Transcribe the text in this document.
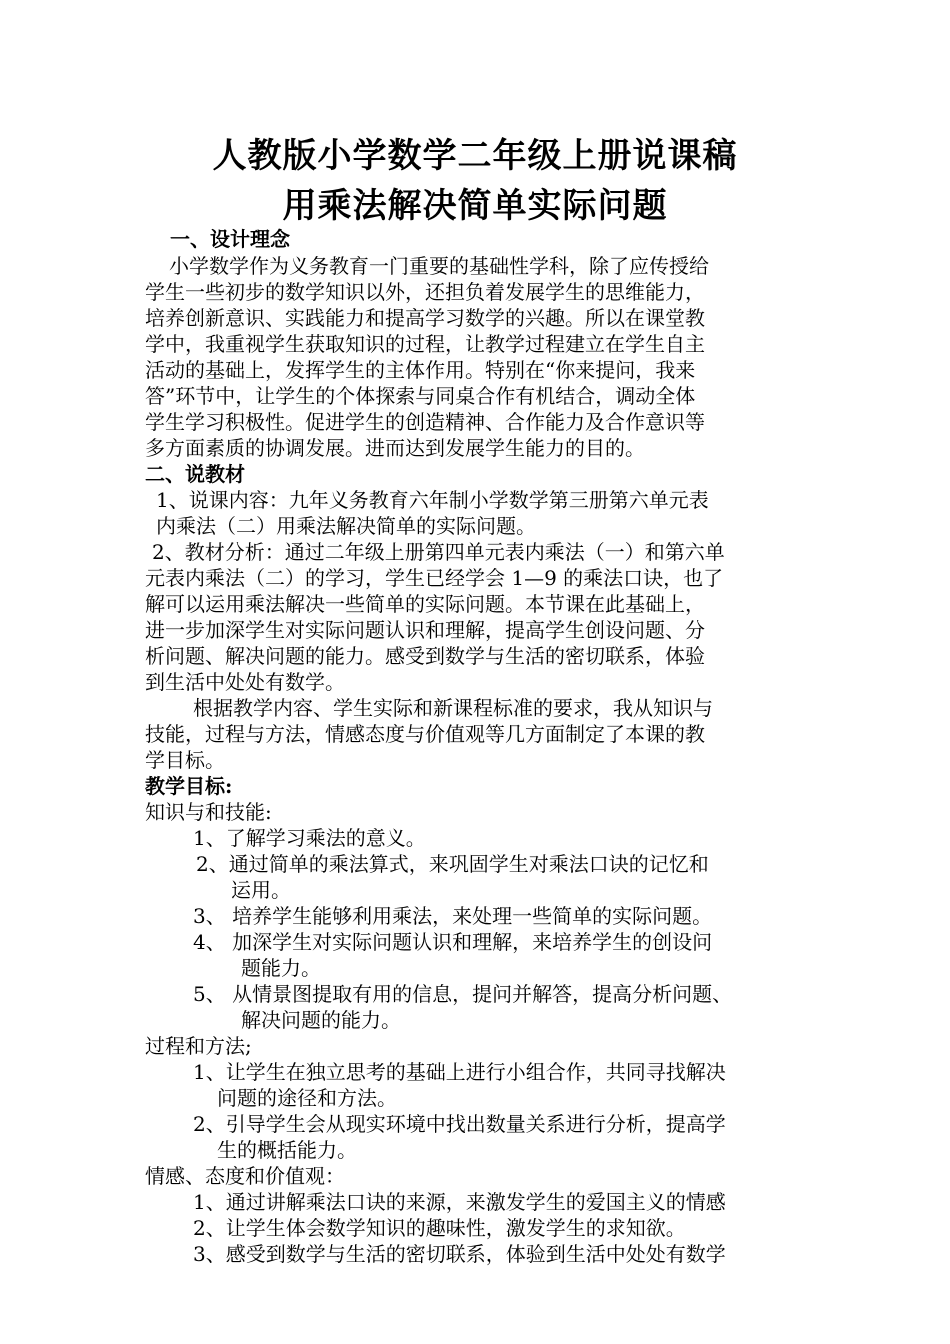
人教版小学数学二年级上册说课稿
用乘法解决简单实际问题
一、设计理念
小学数学作为义务教育一门重要的基础性学科，除了应传授给
学生一些初步的数学知识以外，还担负着发展学生的思维能力，
培养创新意识、实践能力和提高学习数学的兴趣。所以在课堂教
学中，我重视学生获取知识的过程，让教学过程建立在学生自主
活动的基础上，发挥学生的主体作用。特别在“你来提问，我来
答”环节中，让学生的个体探索与同桌合作有机结合，调动全体
学生学习积极性。促进学生的创造精神、合作能力及合作意识等
多方面素质的协调发展。进而达到发展学生能力的目的。
二、说教材
1、说课内容：九年义务教育六年制小学数学第三册第六单元表
内乘法（二）用乘法解决简单的实际问题。
2、教材分析：通过二年级上册第四单元表内乘法（一）和第六单
元表内乘法（二）的学习，学生已经学会 1—9 的乘法口诀，也了
解可以运用乘法解决一些简单的实际问题。本节课在此基础上，
进一步加深学生对实际问题认识和理解，提高学生创设问题、分
析问题、解决问题的能力。感受到数学与生活的密切联系，体验
到生活中处处有数学。
根据教学内容、学生实际和新课程标准的要求，我从知识与
技能，过程与方法，情感态度与价值观等几方面制定了本课的教
学目标。
教学目标:
知识与和技能:
1、了解学习乘法的意义。
2、通过简单的乘法算式，来巩固学生对乘法口诀的记忆和
运用。
3、 培养学生能够利用乘法，来处理一些简单的实际问题。
4、 加深学生对实际问题认识和理解，来培养学生的创设问
题能力。
5、 从情景图提取有用的信息，提问并解答，提高分析问题、
解决问题的能力。
过程和方法;
1、让学生在独立思考的基础上进行小组合作，共同寻找解决
问题的途径和方法。
2、引导学生会从现实环境中找出数量关系进行分析，提高学
生的概括能力。
情感、态度和价值观：
1、通过讲解乘法口诀的来源，来激发学生的爱国主义的情感
2、让学生体会数学知识的趣味性，激发学生的求知欲。
3、感受到数学与生活的密切联系，体验到生活中处处有数学
